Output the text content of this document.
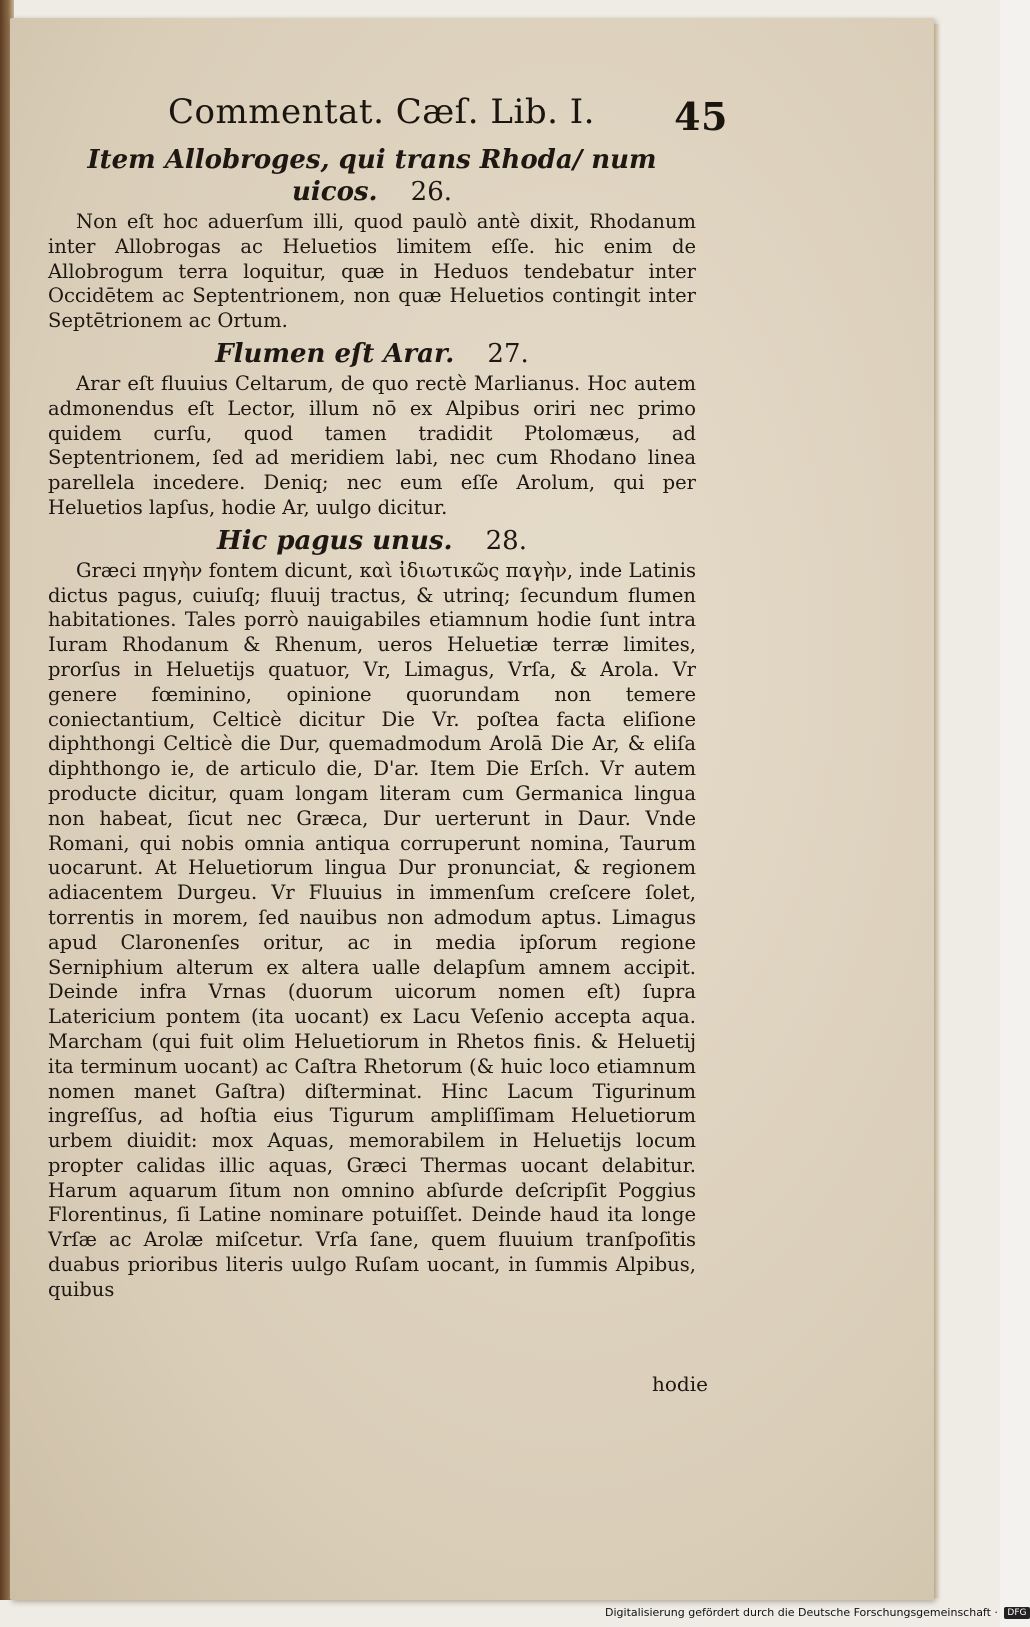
Commentat. Cæſ. Lib. I. 45
Item Allobroges, qui trans Rhoda/ num uicos. 26.

Non eſt hoc aduerſum illi, quod paulò antè dixit, Rhodanum inter Allobrogas ac Heluetios limitem eſſe. hic enim de Allobrogum terra loquitur, quæ in Heduos tendebatur inter Occidētem ac Septentrionem, non quæ Heluetios contingit inter Septētrionem ac Ortum.

Flumen eſt Arar. 27.

Arar eſt fluuius Celtarum, de quo rectè Marlianus. Hoc autem admonendus eſt Lector, illum nō ex Alpibus oriri nec primo quidem curſu, quod tamen tradidit Ptolomæus, ad Septentrionem, ſed ad meridiem labi, nec cum Rhodano linea parellela incedere. Deniq; nec eum eſſe Arolum, qui per Heluetios lapſus, hodie Ar, uulgo dicitur.

Hic pagus unus. 28.

Græci πηγὴν fontem dicunt, καὶ ἰδιωτικῶς παγὴν, inde Latinis dictus pagus, cuiuſq; fluuij tractus, & utrinq; ſecundum flumen habitationes. Tales porrò nauigabiles etiamnum hodie ſunt intra Iuram Rhodanum & Rhenum, ueros Heluetiæ terræ limites, prorſus in Heluetijs quatuor, Vr, Limagus, Vrſa, & Arola. Vr genere fœminino, opinione quorundam non temere coniectantium, Celticè dicitur Die Vr. poſtea facta eliſione diphthongi Celticè die Dur, quemadmodum Arolā Die Ar, & eliſa diphthongo ie, de articulo die, D'ar. Item Die Erſch. Vr autem producte dicitur, quam longam literam cum Germanica lingua non habeat, ſicut nec Græca, Dur uerterunt in Daur. Vnde Romani, qui nobis omnia antiqua corruperunt nomina, Taurum uocarunt. At Heluetiorum lingua Dur pronunciat, & regionem adiacentem Durgeu. Vr Fluuius in immenſum creſcere ſolet, torrentis in morem, ſed nauibus non admodum aptus. Limagus apud Claronenſes oritur, ac in media ipſorum regione Serniphium alterum ex altera ualle delapſum amnem accipit. Deinde infra Vrnas (duorum uicorum nomen eſt) ſupra Latericium pontem (ita uocant) ex Lacu Veſenio accepta aqua. Marcham (qui fuit olim Heluetiorum in Rhetos finis. & Heluetij ita terminum uocant) ac Caſtra Rhetorum (& huic loco etiamnum nomen manet Gaſtra) diſterminat. Hinc Lacum Tigurinum ingreſſus, ad hoſtia eius Tigurum ampliſſimam Heluetiorum urbem diuidit: mox Aquas, memorabilem in Heluetijs locum propter calidas illic aquas, Græci Thermas uocant delabitur. Harum aquarum ſitum non omnino abſurde deſcripſit Poggius Florentinus, ſi Latine nominare potuiſſet. Deinde haud ita longe Vrſæ ac Arolæ miſcetur. Vrſa ſane, quem fluuium tranſpoſitis duabus prioribus literis uulgo Ruſam uocant, in ſummis Alpibus, quibus

hodie
Digitalisierung gefördert durch die Deutsche Forschungsgemeinschaft · DFG
